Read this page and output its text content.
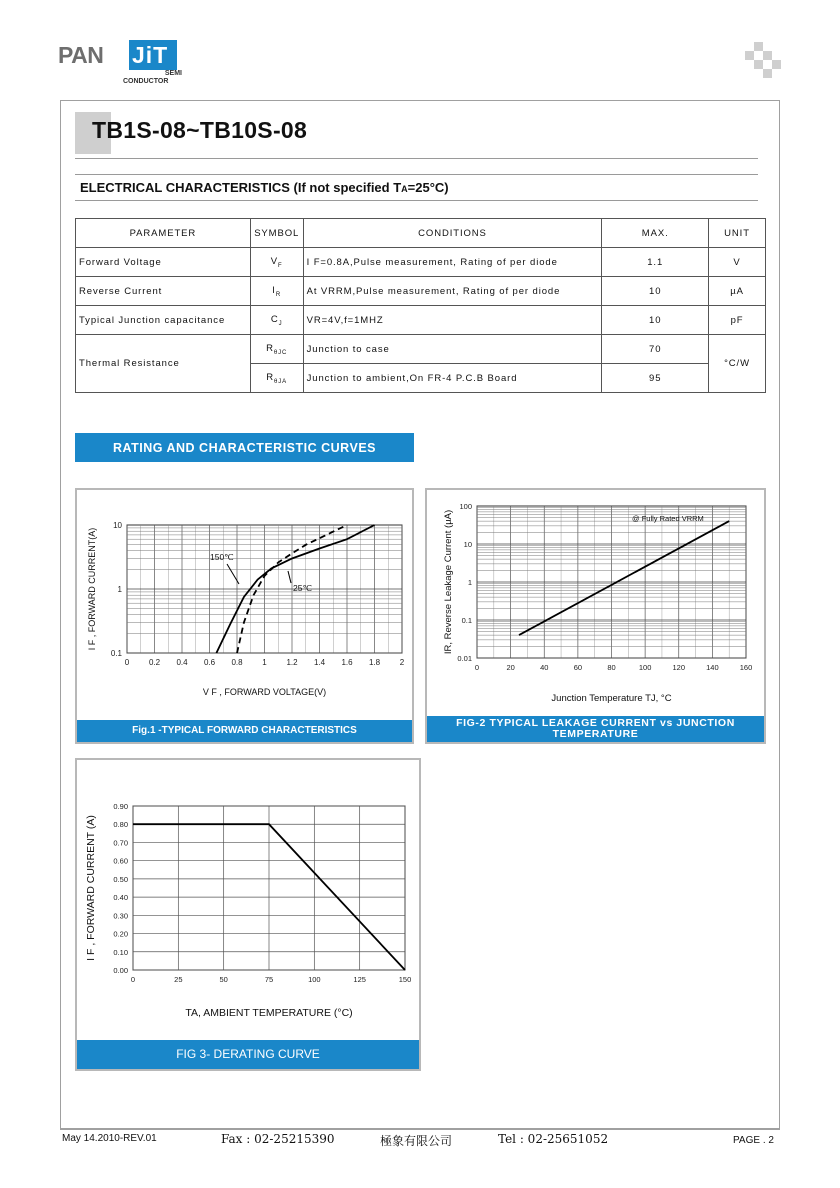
PAN JiT
SEMI
CONDUCTOR
TB1S-08~TB10S-08
ELECTRICAL CHARACTERISTICS (If not specified TA=25°C)
PARAMETER	SYMBOL	CONDITIONS	MAX.	UNIT
Forward Voltage	$V_F$	I F=0.8A,Pulse measurement, Rating of per diode	1.1	V
Reverse Current	$I_R$	At VRRM,Pulse measurement, Rating of per diode	10	µA
Typical Junction capacitance	$C_J$	VR=4V,f=1MHZ	10	pF
Thermal Resistance	$R_{\theta JC}$	Junction to case	70	°C/W
	$R_{\theta JA}$	Junction to ambient,On FR-4 P.C.B Board	95	
RATING AND CHARACTERISTIC CURVES
0 0.2 0.4 0.6 0.8 1 1.2 1.4 1.6 1.8 2
0.1
1
10
V F , FORWARD VOLTAGE(V)
I F , FORWARD CURRENT(A)	150℃
25℃
Fig.1 -TYPICAL FORWARD CHARACTERISTICS
0	20	40	60	80	100	120	140	160
0.01
0.1
1
10
100
Junction Temperature TJ, °C
IR, Reverse Leakage Current (µA)	@ Fully Rated VRRM
FIG-2 TYPICAL LEAKAGE CURRENT vs JUNCTION TEMPERATURE
0	25	50	75	100	125	150
0.00
0.10
0.20
0.30
0.40
0.50
0.60
0.70
0.80
0.90
TA, AMBIENT TEMPERATURE (°C)
I F , FORWARD CURRENT (A)
FIG 3- DERATING CURVE
May 14.2010-REV.01	Fax : 02-25215390	極象有限公司	Tel : 02-25651052	PAGE . 2
